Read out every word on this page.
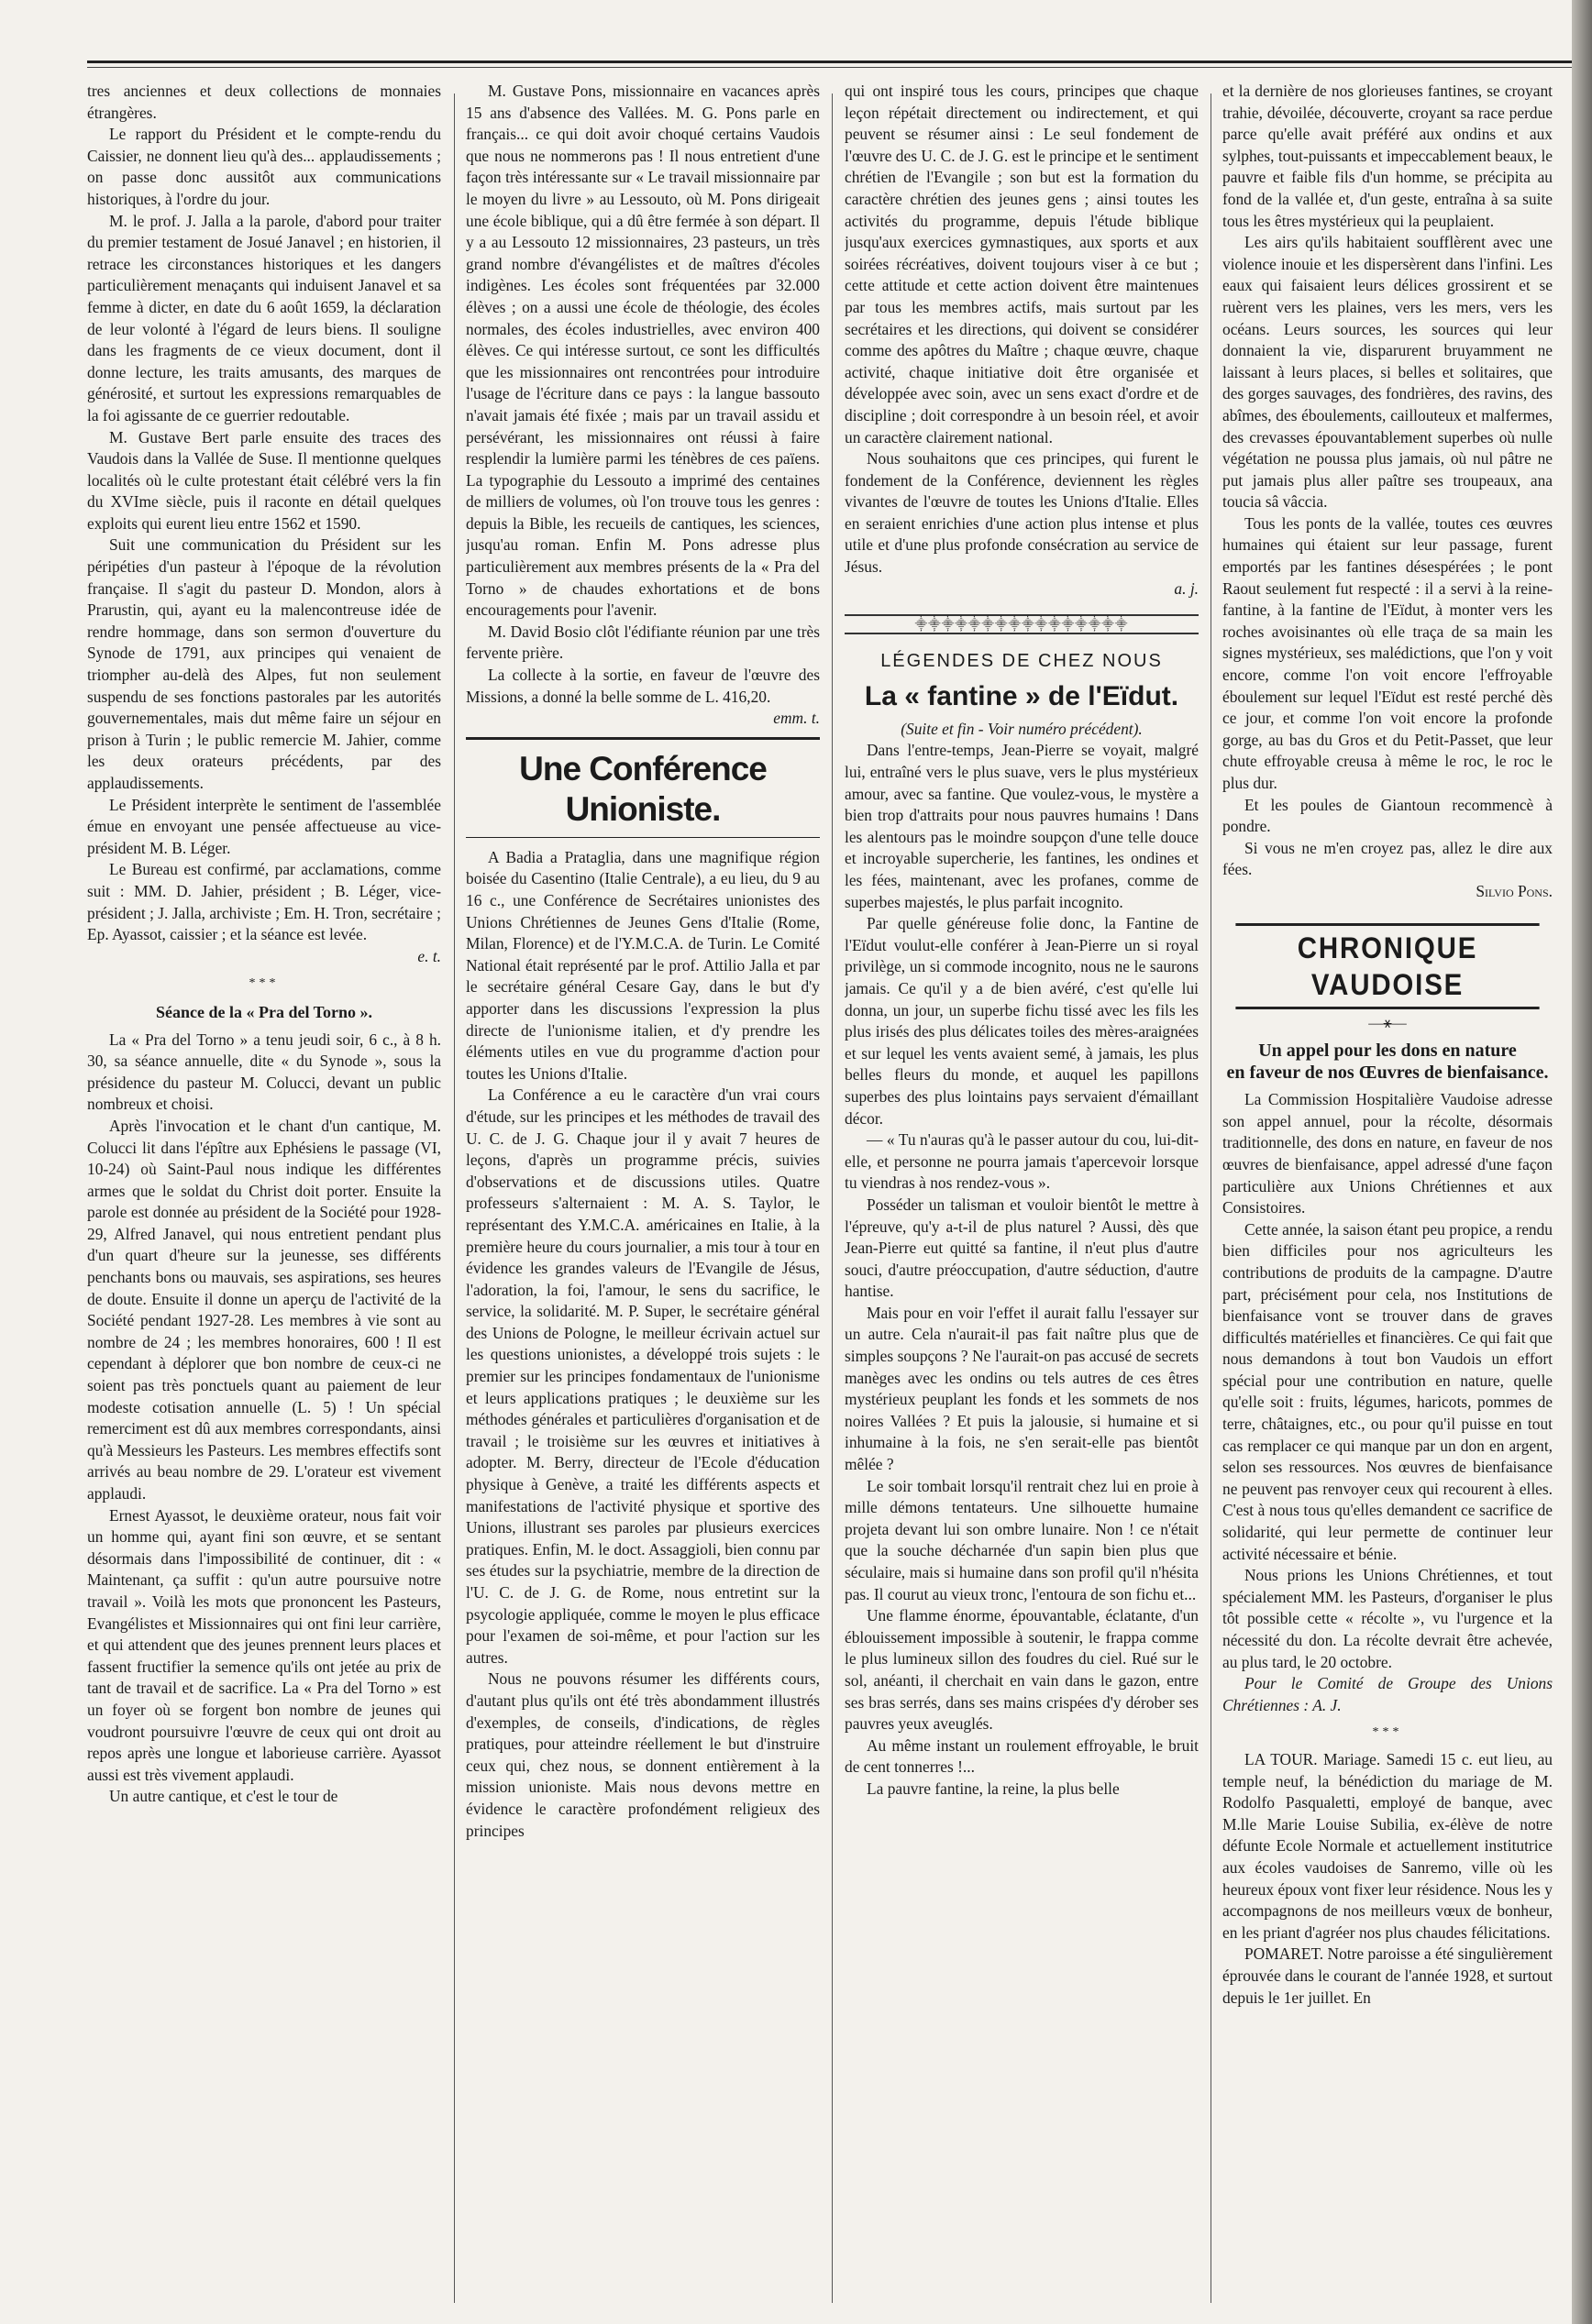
tres anciennes et deux collections de monnaies étrangères.

Le rapport du Président et le compte-rendu du Caissier, ne donnent lieu qu'à des... applaudissements ; on passe donc aussitôt aux communications historiques, à l'ordre du jour.

M. le prof. J. Jalla a la parole, d'abord pour traiter du premier testament de Josué Janavel ; en historien, il retrace les circonstances historiques et les dangers particulièrement menaçants qui induisent Janavel et sa femme à dicter, en date du 6 août 1659, la déclaration de leur volonté à l'égard de leurs biens. Il souligne dans les fragments de ce vieux document, dont il donne lecture, les traits amusants, des marques de générosité, et surtout les expressions remarquables de la foi agissante de ce guerrier redoutable.

M. Gustave Bert parle ensuite des traces des Vaudois dans la Vallée de Suse. Il mentionne quelques localités où le culte protestant était célébré vers la fin du XVIme siècle, puis il raconte en détail quelques exploits qui eurent lieu entre 1562 et 1590.

Suit une communication du Président sur les péripéties d'un pasteur à l'époque de la révolution française. Il s'agit du pasteur D. Mondon, alors à Prarustin, qui, ayant eu la malencontreuse idée de rendre hommage, dans son sermon d'ouverture du Synode de 1791, aux principes qui venaient de triompher au-delà des Alpes, fut non seulement suspendu de ses fonctions pastorales par les autorités gouvernementales, mais dut même faire un séjour en prison à Turin ; le public remercie M. Jahier, comme les deux orateurs précédents, par des applaudissements.

Le Président interprète le sentiment de l'assemblée émue en envoyant une pensée affectueuse au vice-président M. B. Léger.

Le Bureau est confirmé, par acclamations, comme suit : MM. D. Jahier, président ; B. Léger, vice-président ; J. Jalla, archiviste ; Em. H. Tron, secrétaire ; Ep. Ayassot, caissier ; et la séance est levée.

e. t.

***

Séance de la « Pra del Torno ».

La « Pra del Torno » a tenu jeudi soir, 6 c., à 8 h. 30, sa séance annuelle, dite « du Synode », sous la présidence du pasteur M. Colucci, devant un public nombreux et choisi.

Après l'invocation et le chant d'un cantique, M. Colucci lit dans l'épître aux Ephésiens le passage (VI, 10-24) où Saint-Paul nous indique les différentes armes que le soldat du Christ doit porter. Ensuite la parole est donnée au président de la Société pour 1928-29, Alfred Janavel, qui nous entretient pendant plus d'un quart d'heure sur la jeunesse, ses différents penchants bons ou mauvais, ses aspirations, ses heures de doute. Ensuite il donne un aperçu de l'activité de la Société pendant 1927-28. Les membres à vie sont au nombre de 24 ; les membres honoraires, 600 ! Il est cependant à déplorer que bon nombre de ceux-ci ne soient pas très ponctuels quant au paiement de leur modeste cotisation annuelle (L. 5) ! Un spécial remerciment est dû aux membres correspondants, ainsi qu'à Messieurs les Pasteurs. Les membres effectifs sont arrivés au beau nombre de 29. L'orateur est vivement applaudi.

Ernest Ayassot, le deuxième orateur, nous fait voir un homme qui, ayant fini son œuvre, et se sentant désormais dans l'impossibilité de continuer, dit : « Maintenant, ça suffit : qu'un autre poursuive notre travail ». Voilà les mots que prononcent les Pasteurs, Evangélistes et Missionnaires qui ont fini leur carrière, et qui attendent que des jeunes prennent leurs places et fassent fructifier la semence qu'ils ont jetée au prix de tant de travail et de sacrifice. La « Pra del Torno » est un foyer où se forgent bon nombre de jeunes qui voudront poursuivre l'œuvre de ceux qui ont droit au repos après une longue et laborieuse carrière. Ayassot aussi est très vivement applaudi.

Un autre cantique, et c'est le tour de

M. Gustave Pons, missionnaire en vacances après 15 ans d'absence des Vallées. M. G. Pons parle en français... ce qui doit avoir choqué certains Vaudois que nous ne nommerons pas ! Il nous entretient d'une façon très intéressante sur « Le travail missionnaire par le moyen du livre » au Lessouto, où M. Pons dirigeait une école biblique, qui a dû être fermée à son départ. Il y a au Lessouto 12 missionnaires, 23 pasteurs, un très grand nombre d'évangélistes et de maîtres d'écoles indigènes. Les écoles sont fréquentées par 32.000 élèves ; on a aussi une école de théologie, des écoles normales, des écoles industrielles, avec environ 400 élèves. Ce qui intéresse surtout, ce sont les difficultés que les missionnaires ont rencontrées pour introduire l'usage de l'écriture dans ce pays : la langue bassouto n'avait jamais été fixée ; mais par un travail assidu et persévérant, les missionnaires ont réussi à faire resplendir la lumière parmi les ténèbres de ces païens. La typographie du Lessouto a imprimé des centaines de milliers de volumes, où l'on trouve tous les genres : depuis la Bible, les recueils de cantiques, les sciences, jusqu'au roman. Enfin M. Pons adresse plus particulièrement aux membres présents de la « Pra del Torno » de chaudes exhortations et de bons encouragements pour l'avenir.

M. David Bosio clôt l'édifiante réunion par une très fervente prière.

La collecte à la sortie, en faveur de l'œuvre des Missions, a donné la belle somme de L. 416,20.

emm. t.

Une Conférence Unioniste.

A Badia a Prataglia, dans une magnifique région boisée du Casentino (Italie Centrale), a eu lieu, du 9 au 16 c., une Conférence de Secrétaires unionistes des Unions Chrétiennes de Jeunes Gens d'Italie (Rome, Milan, Florence) et de l'Y.M.C.A. de Turin. Le Comité National était représenté par le prof. Attilio Jalla et par le secrétaire général Cesare Gay, dans le but d'y apporter dans les discussions l'expression la plus directe de l'unionisme italien, et d'y prendre les éléments utiles en vue du programme d'action pour toutes les Unions d'Italie.

La Conférence a eu le caractère d'un vrai cours d'étude, sur les principes et les méthodes de travail des U. C. de J. G. Chaque jour il y avait 7 heures de leçons, d'après un programme précis, suivies d'observations et de discussions utiles. Quatre professeurs s'alternaient : M. A. S. Taylor, le représentant des Y.M.C.A. américaines en Italie, à la première heure du cours journalier, a mis tour à tour en évidence les grandes valeurs de l'Evangile de Jésus, l'adoration, la foi, l'amour, le sens du sacrifice, le service, la solidarité. M. P. Super, le secrétaire général des Unions de Pologne, le meilleur écrivain actuel sur les questions unionistes, a développé trois sujets : le premier sur les principes fondamentaux de l'unionisme et leurs applications pratiques ; le deuxième sur les méthodes générales et particulières d'organisation et de travail ; le troisième sur les œuvres et initiatives à adopter. M. Berry, directeur de l'Ecole d'éducation physique à Genève, a traité les différents aspects et manifestations de l'activité physique et sportive des Unions, illustrant ses paroles par plusieurs exercices pratiques. Enfin, M. le doct. Assaggioli, bien connu par ses études sur la psychiatrie, membre de la direction de l'U. C. de J. G. de Rome, nous entretint sur la psycologie appliquée, comme le moyen le plus efficace pour l'examen de soi-même, et pour l'action sur les autres.

Nous ne pouvons résumer les différents cours, d'autant plus qu'ils ont été très abondamment illustrés d'exemples, de conseils, d'indications, de règles pratiques, pour atteindre réellement le but d'instruire ceux qui, chez nous, se donnent entièrement à la mission unioniste. Mais nous devons mettre en évidence le caractère profondément religieux des principes

qui ont inspiré tous les cours, principes que chaque leçon répétait directement ou indirectement, et qui peuvent se résumer ainsi : Le seul fondement de l'œuvre des U. C. de J. G. est le principe et le sentiment chrétien de l'Evangile ; son but est la formation du caractère chrétien des jeunes gens ; ainsi toutes les activités du programme, depuis l'étude biblique jusqu'aux exercices gymnastiques, aux sports et aux soirées récréatives, doivent toujours viser à ce but ; cette attitude et cette action doivent être maintenues par tous les membres actifs, mais surtout par les secrétaires et les directions, qui doivent se considérer comme des apôtres du Maître ; chaque œuvre, chaque activité, chaque initiative doit être organisée et développée avec soin, avec un sens exact d'ordre et de discipline ; doit correspondre à un besoin réel, et avoir un caractère clairement national.

Nous souhaitons que ces principes, qui furent le fondement de la Conférence, deviennent les règles vivantes de l'œuvre de toutes les Unions d'Italie. Elles en seraient enrichies d'une action plus intense et plus utile et d'une plus profonde consécration au service de Jésus.

a. j.

⸎⸎⸎⸎⸎⸎⸎⸎⸎⸎⸎⸎⸎⸎⸎⸎

LÉGENDES DE CHEZ NOUS

La « fantine » de l'Eïdut.

(Suite et fin - Voir numéro précédent).

Dans l'entre-temps, Jean-Pierre se voyait, malgré lui, entraîné vers le plus suave, vers le plus mystérieux amour, avec sa fantine. Que voulez-vous, le mystère a bien trop d'attraits pour nous pauvres humains ! Dans les alentours pas le moindre soupçon d'une telle douce et incroyable supercherie, les fantines, les ondines et les fées, maintenant, avec les profanes, comme de superbes majestés, le plus parfait incognito.

Par quelle généreuse folie donc, la Fantine de l'Eïdut voulut-elle conférer à Jean-Pierre un si royal privilège, un si commode incognito, nous ne le saurons jamais. Ce qu'il y a de bien avéré, c'est qu'elle lui donna, un jour, un superbe fichu tissé avec les fils les plus irisés des plus délicates toiles des mères-araignées et sur lequel les vents avaient semé, à jamais, les plus belles fleurs du monde, et auquel les papillons superbes des plus lointains pays servaient d'émaillant décor.

— « Tu n'auras qu'à le passer autour du cou, lui-dit-elle, et personne ne pourra jamais t'apercevoir lorsque tu viendras à nos rendez-vous ».

Posséder un talisman et vouloir bientôt le mettre à l'épreuve, qu'y a-t-il de plus naturel ? Aussi, dès que Jean-Pierre eut quitté sa fantine, il n'eut plus d'autre souci, d'autre préoccupation, d'autre séduction, d'autre hantise.

Mais pour en voir l'effet il aurait fallu l'essayer sur un autre. Cela n'aurait-il pas fait naître plus que de simples soupçons ? Ne l'aurait-on pas accusé de secrets manèges avec les ondins ou tels autres de ces êtres mystérieux peuplant les fonds et les sommets de nos noires Vallées ? Et puis la jalousie, si humaine et si inhumaine à la fois, ne s'en serait-elle pas bientôt mêlée ?

Le soir tombait lorsqu'il rentrait chez lui en proie à mille démons tentateurs. Une silhouette humaine projeta devant lui son ombre lunaire. Non ! ce n'était que la souche décharnée d'un sapin bien plus que séculaire, mais si humaine dans son profil qu'il n'hésita pas. Il courut au vieux tronc, l'entoura de son fichu et...

Une flamme énorme, épouvantable, éclatante, d'un éblouissement impossible à soutenir, le frappa comme le plus lumineux sillon des foudres du ciel. Rué sur le sol, anéanti, il cherchait en vain dans le gazon, entre ses bras serrés, dans ses mains crispées d'y dérober ses pauvres yeux aveuglés.

Au même instant un roulement effroyable, le bruit de cent tonnerres !...

La pauvre fantine, la reine, la plus belle

et la dernière de nos glorieuses fantines, se croyant trahie, dévoilée, découverte, croyant sa race perdue parce qu'elle avait préféré aux ondins et aux sylphes, tout-puissants et impeccablement beaux, le pauvre et faible fils d'un homme, se précipita au fond de la vallée et, d'un geste, entraîna à sa suite tous les êtres mystérieux qui la peuplaient.

Les airs qu'ils habitaient soufflèrent avec une violence inouie et les dispersèrent dans l'infini. Les eaux qui faisaient leurs délices grossirent et se ruèrent vers les plaines, vers les mers, vers les océans. Leurs sources, les sources qui leur donnaient la vie, disparurent bruyamment ne laissant à leurs places, si belles et solitaires, que des gorges sauvages, des fondrières, des ravins, des abîmes, des éboulements, caillouteux et malfermes, des crevasses épouvantablement superbes où nulle végétation ne poussa plus jamais, où nul pâtre ne put jamais plus aller paître ses troupeaux, ana toucia sâ vâccia.

Tous les ponts de la vallée, toutes ces œuvres humaines qui étaient sur leur passage, furent emportés par les fantines désespérées ; le pont Raout seulement fut respecté : il a servi à la reine-fantine, à la fantine de l'Eïdut, à monter vers les roches avoisinantes où elle traça de sa main les signes mystérieux, ses malédictions, que l'on y voit encore, comme l'on voit encore l'effroyable éboulement sur lequel l'Eïdut est resté perché dès ce jour, et comme l'on voit encore la profonde gorge, au bas du Gros et du Petit-Passet, que leur chute effroyable creusa à même le roc, le roc le plus dur.

Et les poules de Giantoun recommencè à pondre.

Si vous ne m'en croyez pas, allez le dire aux fées.

Silvio Pons.

CHRONIQUE VAUDOISE

—⚹—

Un appel pour les dons en nature

en faveur de nos Œuvres de bienfaisance.

La Commission Hospitalière Vaudoise adresse son appel annuel, pour la récolte, désormais traditionnelle, des dons en nature, en faveur de nos œuvres de bienfaisance, appel adressé d'une façon particulière aux Unions Chrétiennes et aux Consistoires.

Cette année, la saison étant peu propice, a rendu bien difficiles pour nos agriculteurs les contributions de produits de la campagne. D'autre part, précisément pour cela, nos Institutions de bienfaisance vont se trouver dans de graves difficultés matérielles et financières. Ce qui fait que nous demandons à tout bon Vaudois un effort spécial pour une contribution en nature, quelle qu'elle soit : fruits, légumes, haricots, pommes de terre, châtaignes, etc., ou pour qu'il puisse en tout cas remplacer ce qui manque par un don en argent, selon ses ressources. Nos œuvres de bienfaisance ne peuvent pas renvoyer ceux qui recourent à elles. C'est à nous tous qu'elles demandent ce sacrifice de solidarité, qui leur permette de continuer leur activité nécessaire et bénie.

Nous prions les Unions Chrétiennes, et tout spécialement MM. les Pasteurs, d'organiser le plus tôt possible cette « récolte », vu l'urgence et la nécessité du don. La récolte devrait être achevée, au plus tard, le 20 octobre.

Pour le Comité de Groupe des Unions Chrétiennes : A. J.

***

LA TOUR. Mariage. Samedi 15 c. eut lieu, au temple neuf, la bénédiction du mariage de M. Rodolfo Pasqualetti, employé de banque, avec M.lle Marie Louise Subilia, ex-élève de notre défunte Ecole Normale et actuellement institutrice aux écoles vaudoises de Sanremo, ville où les heureux époux vont fixer leur résidence. Nous les y accompagnons de nos meilleurs vœux de bonheur, en les priant d'agréer nos plus chaudes félicitations.

POMARET. Notre paroisse a été singulièrement éprouvée dans le courant de l'année 1928, et surtout depuis le 1er juillet. En
